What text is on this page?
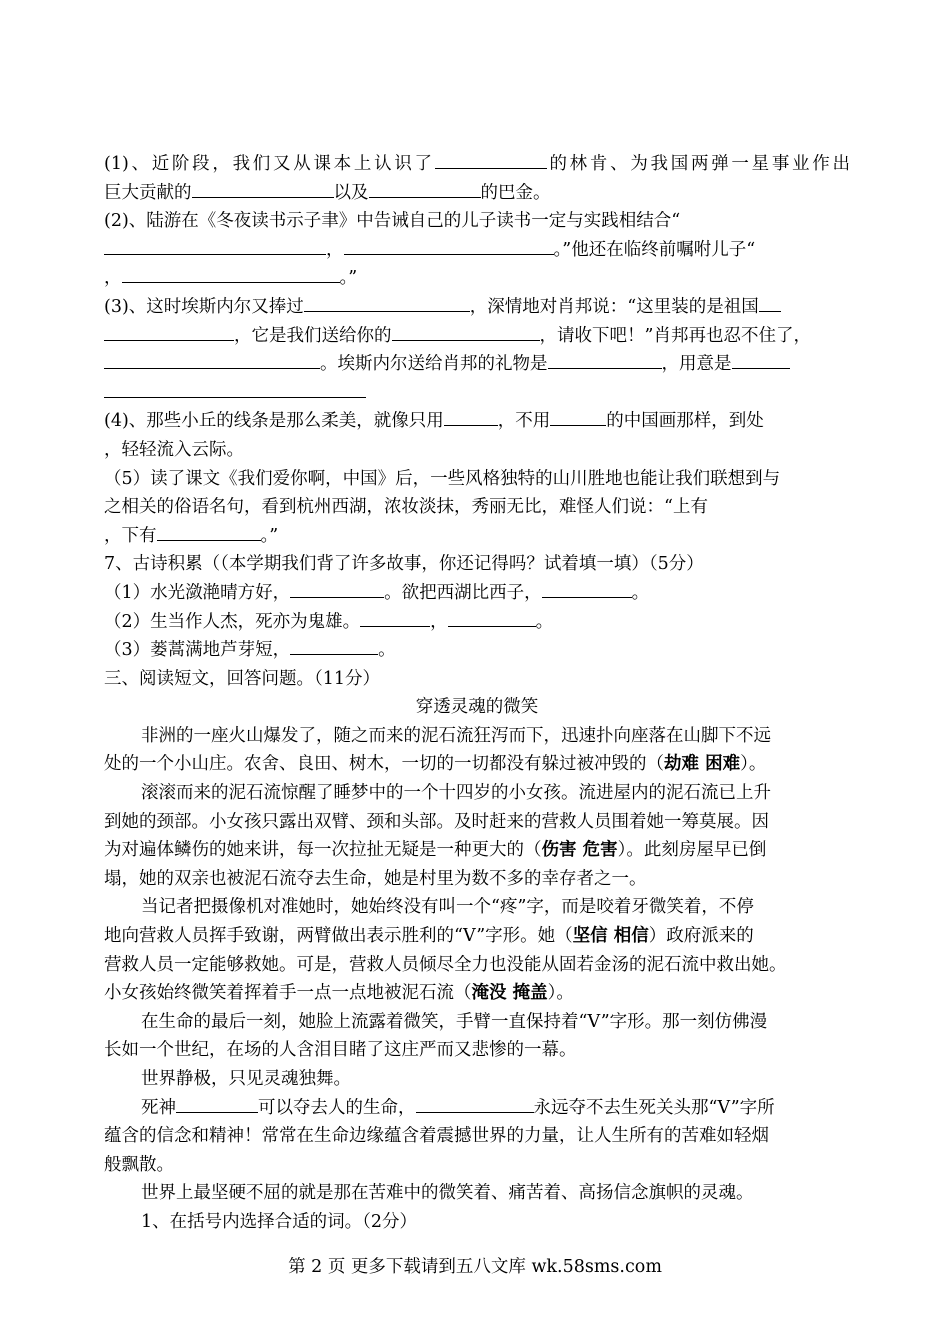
(1)、近阶段，我们又从课本上认识了	的林肯、为我国两弹一星事业作出
巨大贡献的	以及	的巴金。
(2)、陆游在《冬夜读书示子聿》中告诫自己的儿子读书一定与实践相结合“
，	。”他还在临终前嘱咐儿子“
，	。”
(3)、这时埃斯内尔又捧过	，深情地对肖邦说：“这里装的是祖国
，它是我们送给你的	，请收下吧！”肖邦再也忍不住了，
。埃斯内尔送给肖邦的礼物是	，用意是
(4)、那些小丘的线条是那么柔美，就像只用	，不用	的中国画那样，到处
，轻轻流入云际。
（5）读了课文《我们爱你啊，中国》后，一些风格独特的山川胜地也能让我们联想到与
之相关的俗语名句，看到杭州西湖，浓妆淡抹，秀丽无比，难怪人们说：“上有
，下有	。”
7、古诗积累（（本学期我们背了许多故事，你还记得吗？试着填一填）（5分）
（1）水光潋滟晴方好，	。欲把西湖比西子，	。
（2）生当作人杰，死亦为鬼雄。	，	。
（3）蒌蒿满地芦芽短，	。
三、阅读短文，回答问题。（11分）
穿透灵魂的微笑
非洲的一座火山爆发了，随之而来的泥石流狂泻而下，迅速扑向座落在山脚下不远
处的一个小山庄。农舍、良田、树木，一切的一切都没有躲过被冲毁的（劫难 困难）。
滚滚而来的泥石流惊醒了睡梦中的一个十四岁的小女孩。流进屋内的泥石流已上升
到她的颈部。小女孩只露出双臂、颈和头部。及时赶来的营救人员围着她一筹莫展。因
为对遍体鳞伤的她来讲，每一次拉扯无疑是一种更大的（伤害 危害）。此刻房屋早已倒
塌，她的双亲也被泥石流夺去生命，她是村里为数不多的幸存者之一。
当记者把摄像机对准她时，她始终没有叫一个“疼”字，而是咬着牙微笑着，不停
地向营救人员挥手致谢，两臂做出表示胜利的“V”字形。她（坚信 相信）政府派来的
营救人员一定能够救她。可是，营救人员倾尽全力也没能从固若金汤的泥石流中救出她。
小女孩始终微笑着挥着手一点一点地被泥石流（淹没 掩盖）。
在生命的最后一刻，她脸上流露着微笑，手臂一直保持着“V”字形。那一刻仿佛漫
长如一个世纪，在场的人含泪目睹了这庄严而又悲惨的一幕。
世界静极，只见灵魂独舞。
死神	可以夺去人的生命，	永远夺不去生死关头那“V”字所
蕴含的信念和精神！常常在生命边缘蕴含着震撼世界的力量，让人生所有的苦难如轻烟
般飘散。
世界上最坚硬不屈的就是那在苦难中的微笑着、痛苦着、高扬信念旗帜的灵魂。
1、在括号内选择合适的词。（2分）
第 2 页 更多下载请到五八文库 wk.58sms.com
